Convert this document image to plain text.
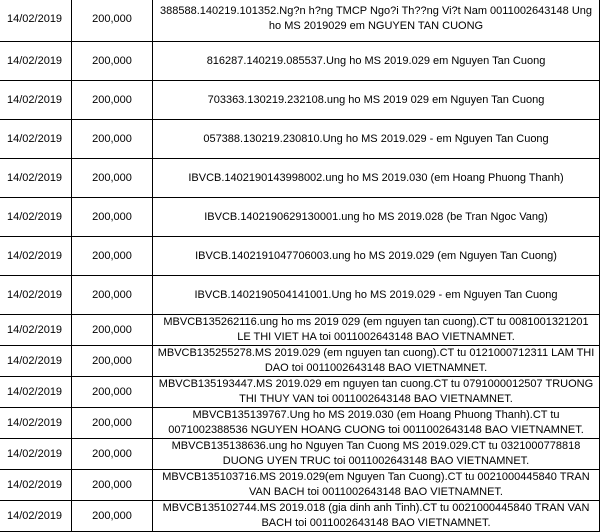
14/02/2019	200,000	388588.140219.101352.Ng?n h?ng TMCP Ngo?i Th??ng Vi?t Nam 0011002643148 Ung ho MS 2019029 em NGUYEN TAN CUONG
14/02/2019	200,000	816287.140219.085537.Ung ho MS 2019.029 em Nguyen Tan Cuong
14/02/2019	200,000	703363.130219.232108.ung ho MS 2019 029 em Nguyen Tan Cuong
14/02/2019	200,000	057388.130219.230810.Ung ho MS 2019.029 - em Nguyen Tan Cuong
14/02/2019	200,000	IBVCB.1402190143998002.ung ho MS 2019.030 (em Hoang Phuong Thanh)
14/02/2019	200,000	IBVCB.1402190629130001.ung ho MS 2019.028 (be Tran Ngoc Vang)
14/02/2019	200,000	IBVCB.1402191047706003.ung ho MS 2019.029 (em Nguyen Tan Cuong)
14/02/2019	200,000	IBVCB.1402190504141001.Ung ho MS 2019.029 - em Nguyen Tan Cuong
14/02/2019	200,000	MBVCB135262116.ung ho ms 2019 029 (em nguyen tan cuong).CT tu 0081001321201 LE THI VIET HA toi 0011002643148 BAO VIETNAMNET.
14/02/2019	200,000	MBVCB135255278.MS 2019.029 (em nguyen tan cuong).CT tu 0121000712311 LAM THI DAO toi 0011002643148 BAO VIETNAMNET.
14/02/2019	200,000	MBVCB135193447.MS 2019.029 em nguyen tan cuong.CT tu 0791000012507 TRUONG THI THUY VAN toi 0011002643148 BAO VIETNAMNET.
14/02/2019	200,000	MBVCB135139767.Ung ho MS 2019.030 (em Hoang Phuong Thanh).CT tu 0071002388536 NGUYEN HOANG CUONG toi 0011002643148 BAO VIETNAMNET.
14/02/2019	200,000	MBVCB135138636.ung ho Nguyen Tan Cuong MS 2019.029.CT tu 0321000778818 DUONG UYEN TRUC toi 0011002643148 BAO VIETNAMNET.
14/02/2019	200,000	MBVCB135103716.MS 2019.029(em Nguyen Tan Cuong).CT tu 0021000445840 TRAN VAN BACH toi 0011002643148 BAO VIETNAMNET.
14/02/2019	200,000	MBVCB135102744.MS 2019.018 (gia dinh anh Tinh).CT tu 0021000445840 TRAN VAN BACH toi 0011002643148 BAO VIETNAMNET.
